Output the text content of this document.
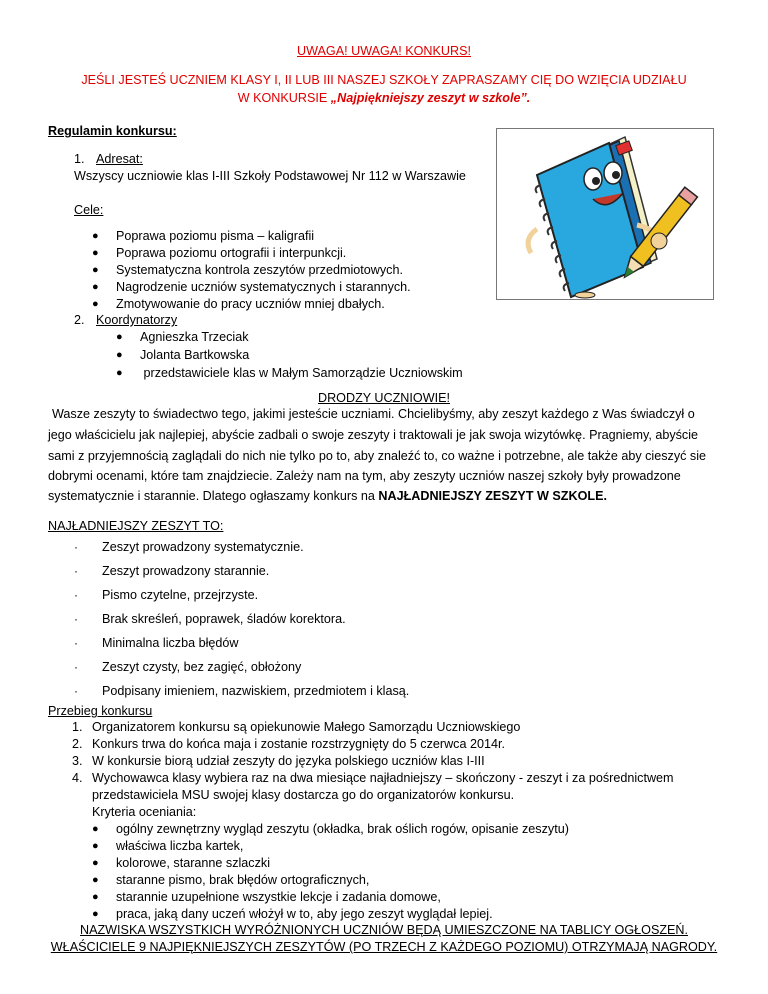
UWAGA! UWAGA! KONKURS!
JEŚLI JESTEŚ UCZNIEM KLASY I, II LUB III NASZEJ SZKOŁY ZAPRASZAMY CIĘ DO WZIĘCIA UDZIAŁU
W KONKURSIE „Najpiękniejszy zeszyt w szkole”.
Regulamin konkursu:
1. Adresat:
Wszyscy uczniowie klas I-III Szkoły Podstawowej Nr 112 w Warszawie
Cele:
● Poprawa poziomu pisma – kaligrafii
● Poprawa poziomu ortografii i interpunkcji.
● Systematyczna kontrola zeszytów przedmiotowych.
● Nagrodzenie uczniów systematycznych i starannych.
● Zmotywowanie do pracy uczniów mniej dbałych.
2. Koordynatorzy
● Agnieszka Trzeciak
● Jolanta Bartkowska
● przedstawiciele klas w Małym Samorządzie Uczniowskim
DRODZY UCZNIOWIE!
Wasze zeszyty to świadectwo tego, jakimi jesteście uczniami. Chcielibyśmy, aby zeszyt każdego z Was świadczył o
jego właścicielu jak najlepiej, abyście zadbali o swoje zeszyty i traktowali je jak swoja wizytówkę. Pragniemy, abyście
sami z przyjemnością zaglądali do nich nie tylko po to, aby znaleźć to, co ważne i potrzebne, ale także aby cieszyć sie
dobrymi ocenami, które tam znajdziecie. Zależy nam na tym, aby zeszyty uczniów naszej szkoły były prowadzone
systematycznie i starannie. Dlatego ogłaszamy konkurs na NAJŁADNIEJSZY ZESZYT W SZKOLE.
NAJŁADNIEJSZY ZESZYT TO:
· Zeszyt prowadzony systematycznie.
· Zeszyt prowadzony starannie.
· Pismo czytelne, przejrzyste.
· Brak skreśleń, poprawek, śladów korektora.
· Minimalna liczba błędów
· Zeszyt czysty, bez zagięć, obłożony
· Podpisany imieniem, nazwiskiem, przedmiotem i klasą.
Przebieg konkursu
1. Organizatorem konkursu są opiekunowie Małego Samorządu Uczniowskiego
2. Konkurs trwa do końca maja i zostanie rozstrzygnięty do 5 czerwca 2014r.
3. W konkursie biorą udział zeszyty do języka polskiego uczniów klas I-III
4. Wychowawca klasy wybiera raz na dwa miesiące najładniejszy – skończony - zeszyt i za pośrednictwem
przedstawiciela MSU swojej klasy dostarcza go do organizatorów konkursu.
Kryteria oceniania:
● ogólny zewnętrzny wygląd zeszytu (okładka, brak oślich rogów, opisanie zeszytu)
● właściwa liczba kartek,
● kolorowe, staranne szlaczki
● staranne pismo, brak błędów ortograficznych,
● starannie uzupełnione wszystkie lekcje i zadania domowe,
● praca, jaką dany uczeń włożył w to, aby jego zeszyt wyglądał lepiej.
NAZWISKA WSZYSTKICH WYRÓŻNIONYCH UCZNIÓW BĘDĄ UMIESZCZONE NA TABLICY OGŁOSZEŃ.
WŁAŚCICIELE 9 NAJPIĘKNIEJSZYCH ZESZYTÓW (PO TRZECH Z KAŻDEGO POZIOMU) OTRZYMAJĄ NAGRODY.
